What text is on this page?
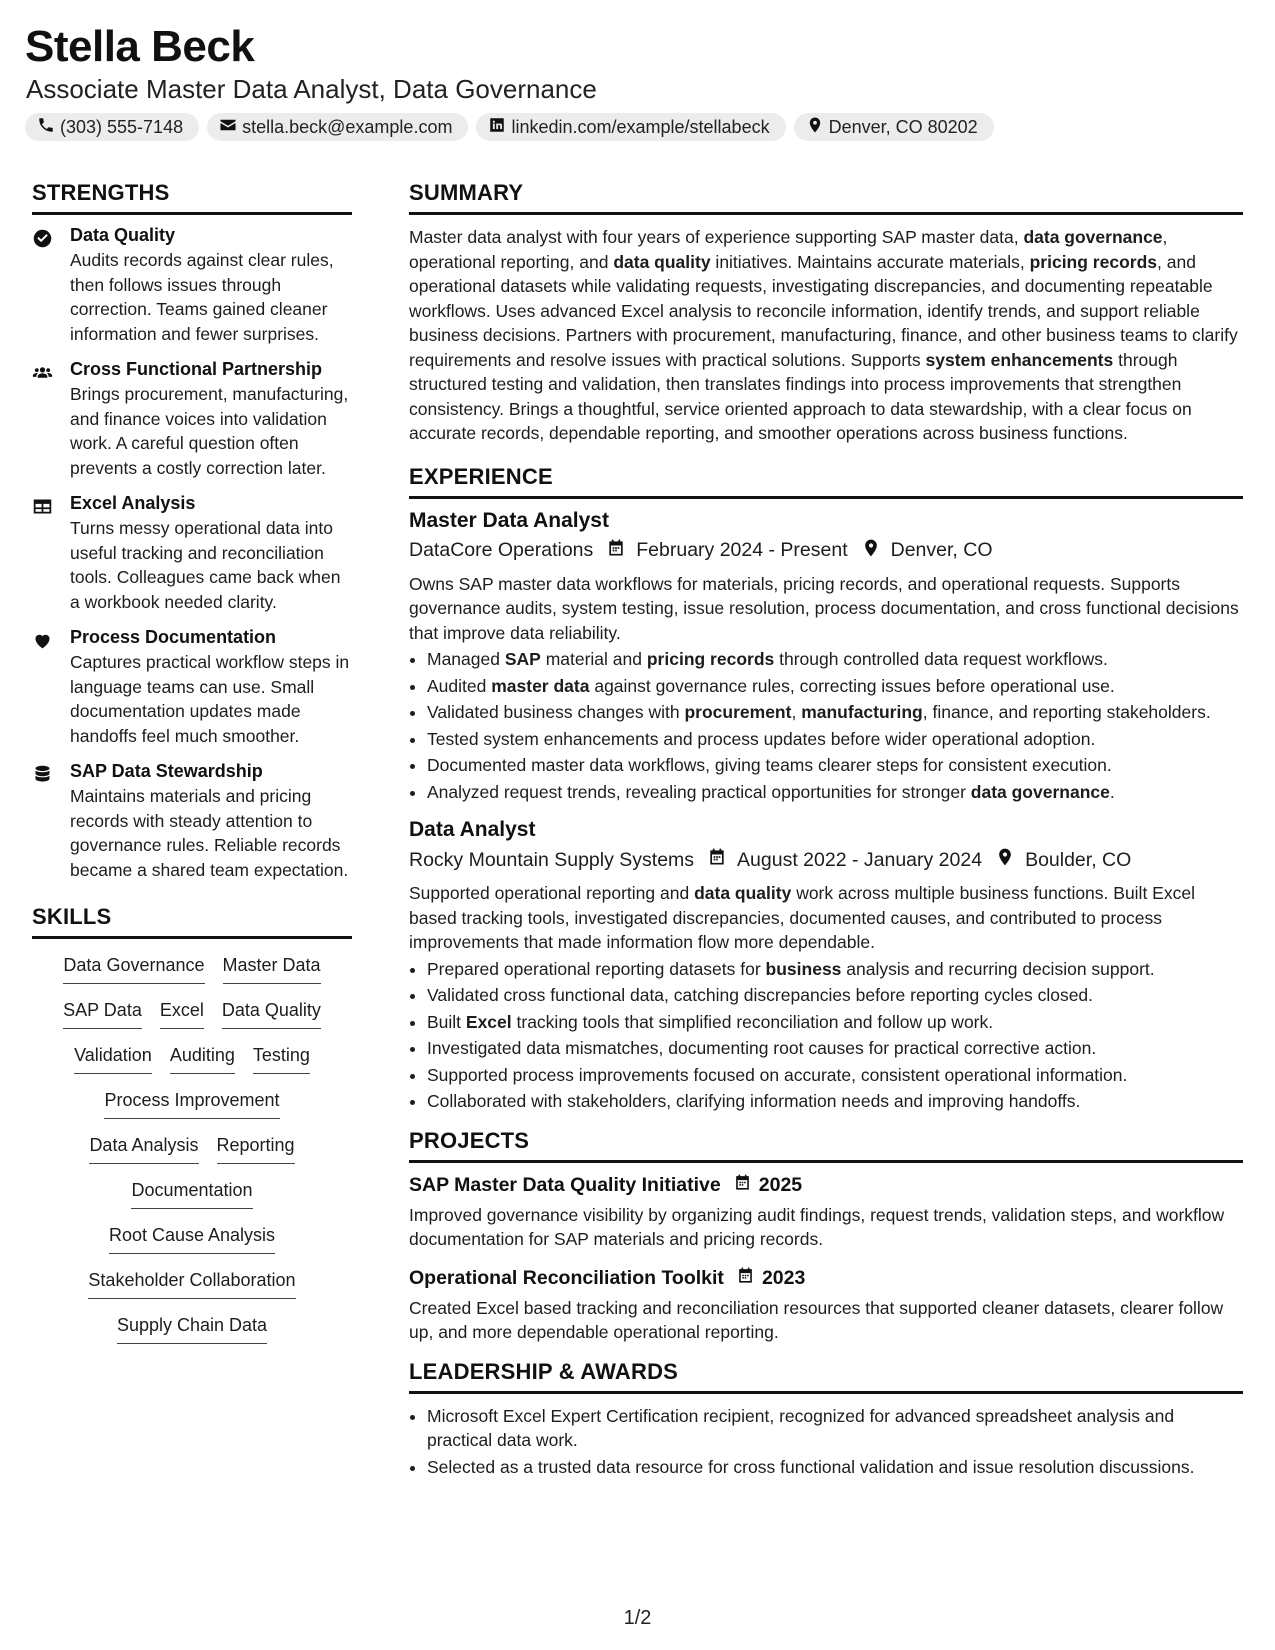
Stella Beck
Associate Master Data Analyst, Data Governance
(303) 555-7148	stella.beck@example.com	linkedin.com/example/stellabeck	Denver, CO 80202
STRENGTHS
Data Quality
Audits records against clear rules, then follows issues through correction. Teams gained cleaner information and fewer surprises.
Cross Functional Partnership
Brings procurement, manufacturing, and finance voices into validation work. A careful question often prevents a costly correction later.
Excel Analysis
Turns messy operational data into useful tracking and reconciliation tools. Colleagues came back when a workbook needed clarity.
Process Documentation
Captures practical workflow steps in language teams can use. Small documentation updates made handoffs feel much smoother.
SAP Data Stewardship
Maintains materials and pricing records with steady attention to governance rules. Reliable records became a shared team expectation.
SKILLS
Data Governance Master Data
SAP Data Excel Data Quality
Validation Auditing Testing
Process Improvement
Data Analysis Reporting
Documentation
Root Cause Analysis
Stakeholder Collaboration
Supply Chain Data
SUMMARY
Master data analyst with four years of experience supporting SAP master data, data governance, operational reporting, and data quality initiatives. Maintains accurate materials, pricing records, and operational datasets while validating requests, investigating discrepancies, and documenting repeatable workflows. Uses advanced Excel analysis to reconcile information, identify trends, and support reliable business decisions. Partners with procurement, manufacturing, finance, and other business teams to clarify requirements and resolve issues with practical solutions. Supports system enhancements through structured testing and validation, then translates findings into process improvements that strengthen consistency. Brings a thoughtful, service oriented approach to data stewardship, with a clear focus on accurate records, dependable reporting, and smoother operations across business functions.
EXPERIENCE
Master Data Analyst
DataCore Operations February 2024 - Present Denver, CO
Owns SAP master data workflows for materials, pricing records, and operational requests. Supports governance audits, system testing, issue resolution, process documentation, and cross functional decisions that improve data reliability.
• Managed SAP material and pricing records through controlled data request workflows.
• Audited master data against governance rules, correcting issues before operational use.
• Validated business changes with procurement, manufacturing, finance, and reporting stakeholders.
• Tested system enhancements and process updates before wider operational adoption.
• Documented master data workflows, giving teams clearer steps for consistent execution.
• Analyzed request trends, revealing practical opportunities for stronger data governance.
Data Analyst
Rocky Mountain Supply Systems August 2022 - January 2024 Boulder, CO
Supported operational reporting and data quality work across multiple business functions. Built Excel based tracking tools, investigated discrepancies, documented causes, and contributed to process improvements that made information flow more dependable.
• Prepared operational reporting datasets for business analysis and recurring decision support.
• Validated cross functional data, catching discrepancies before reporting cycles closed.
• Built Excel tracking tools that simplified reconciliation and follow up work.
• Investigated data mismatches, documenting root causes for practical corrective action.
• Supported process improvements focused on accurate, consistent operational information.
• Collaborated with stakeholders, clarifying information needs and improving handoffs.
PROJECTS
SAP Master Data Quality Initiative 2025
Improved governance visibility by organizing audit findings, request trends, validation steps, and workflow documentation for SAP materials and pricing records.
Operational Reconciliation Toolkit 2023
Created Excel based tracking and reconciliation resources that supported cleaner datasets, clearer follow up, and more dependable operational reporting.
LEADERSHIP & AWARDS
• Microsoft Excel Expert Certification recipient, recognized for advanced spreadsheet analysis and practical data work.
• Selected as a trusted data resource for cross functional validation and issue resolution discussions.
1/2
